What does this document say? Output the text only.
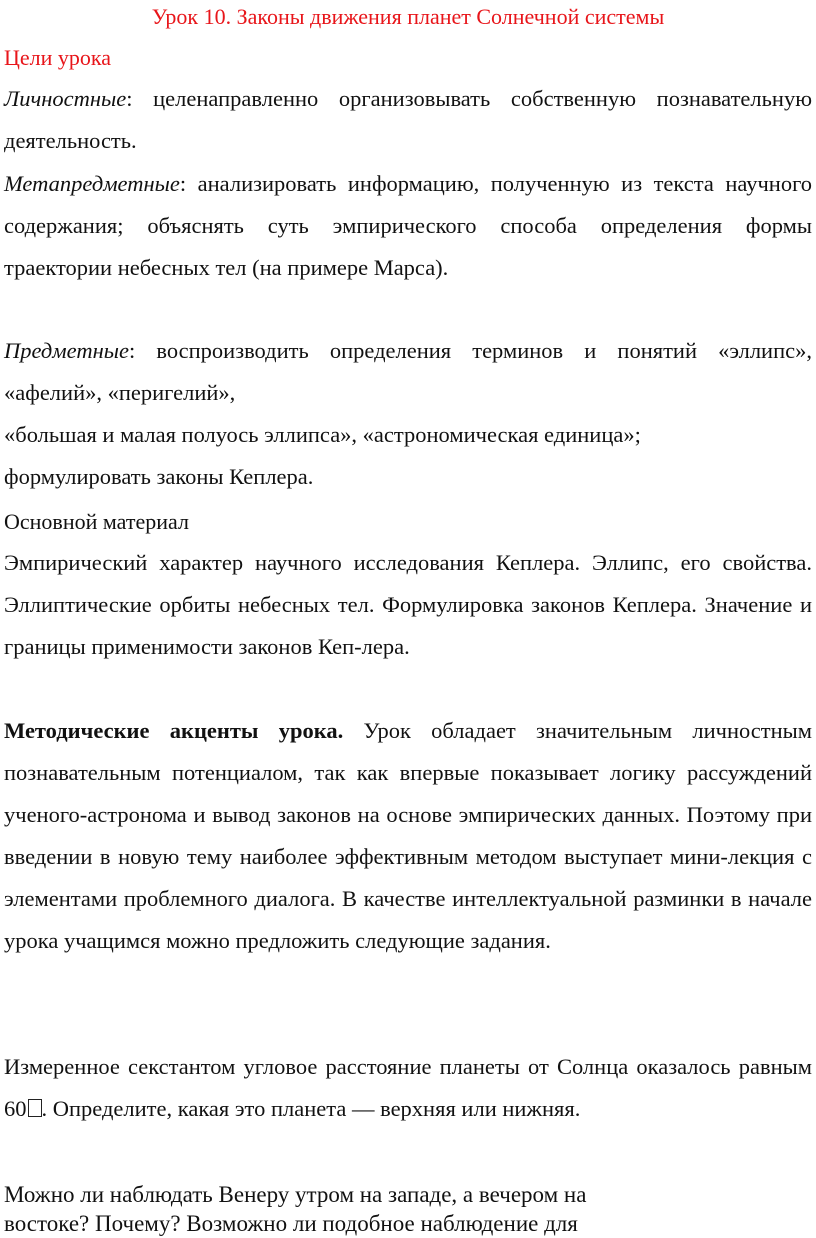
Урок 10. Законы движения планет Солнечной системы
Цели урока

Личностные: целенаправленно организовывать собственную познавательную деятельность.

Метапредметные: анализировать информацию, полученную из текста научного содержания; объяснять суть эмпирического способа определения формы траектории небесных тел (на примере Марса).

Предметные: воспроизводить определения терминов и понятий «эллипс», «афелий», «перигелий»,

«большая и малая полуось эллипса», «астрономическая единица»;

формулировать законы Кеплера.

Основной материал
Эмпирический характер научного исследования Кеплера. Эллипс, его свойства. Эллиптические орбиты небесных тел. Формулировка законов Кеплера. Значение и границы применимости законов Кеп-лера.

Методические акценты урока. Урок обладает значительным личностным познавательным потенциалом, так как впервые показывает логику рассуждений ученого-астронома и вывод законов на основе эмпирических данных. Поэтому при введении в новую тему наиболее эффективным методом выступает мини-лекция с элементами проблемного диалога. В качестве интеллектуальной разминки в начале урока учащимся можно предложить следующие задания.

Измеренное секстантом угловое расстояние планеты от Солнца оказалось равным 60 . Определите, какая это планета — верхняя или нижняя.

Можно ли наблюдать Венеру утром на западе, а вечером на

востоке? Почему? Возможно ли подобное наблюдение для
